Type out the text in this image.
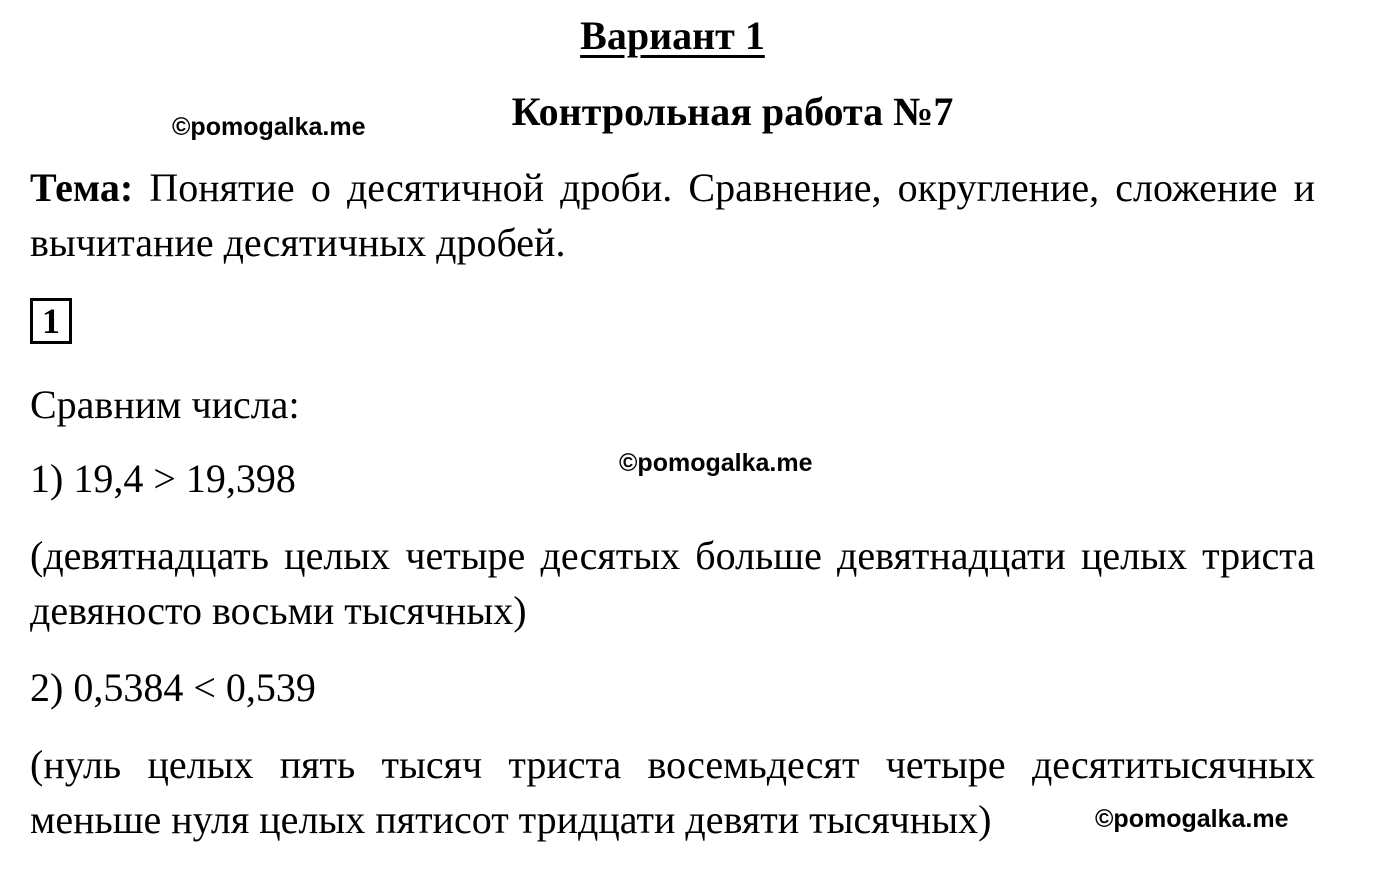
Вариант 1
©pomogalka.me	Контрольная работа №7
Тема: Понятие о десятичной дроби. Сравнение, округление, сложение и вычитание десятичных дробей.
1
Сравним числа:
1) 19,4 > 19,398	©pomogalka.me
(девятнадцать целых четыре десятых больше девятнадцати целых триста девяносто восьми тысячных)
2) 0,5384 < 0,539
(нуль целых пять тысяч триста восемьдесят четыре десятитысячных меньше нуля целых пятисот тридцати девяти тысячных)	©pomogalka.me
